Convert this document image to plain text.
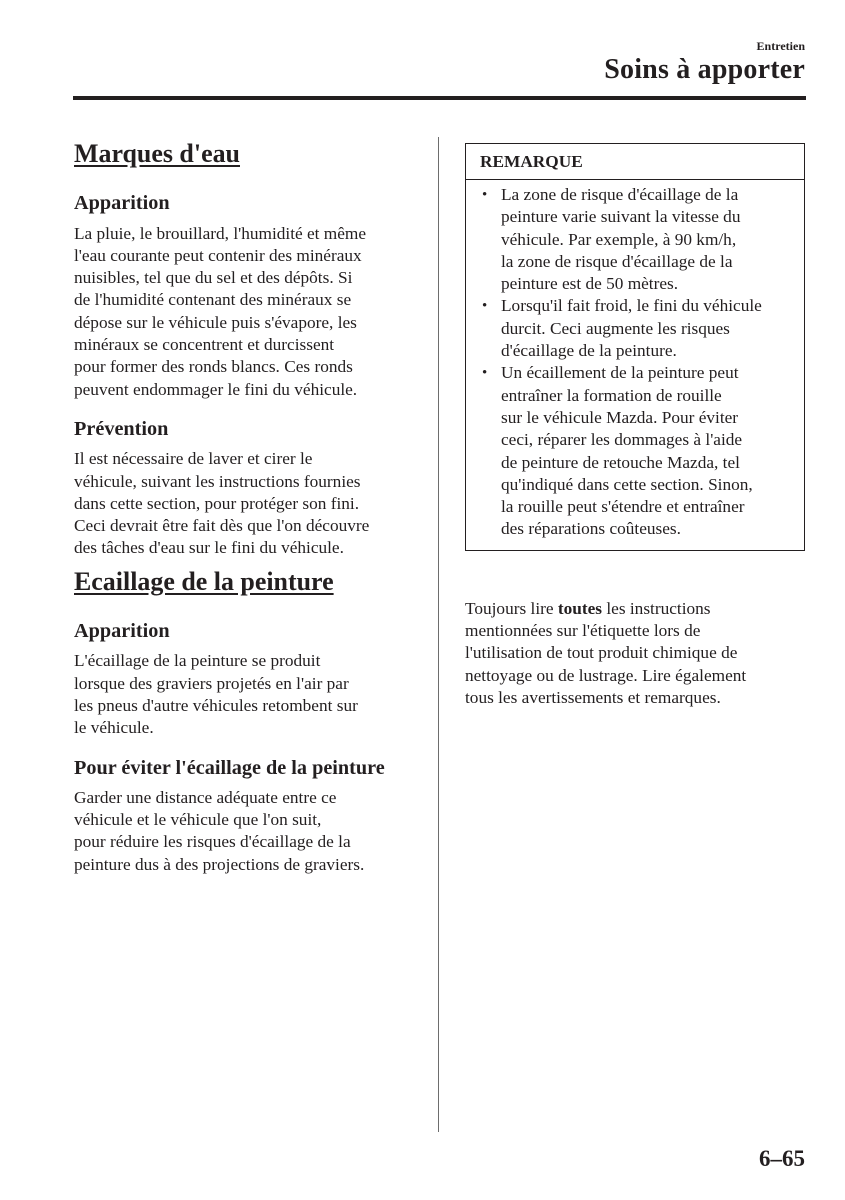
Entretien

Soins à apporter
Marques d'eau
Apparition

La pluie, le brouillard, l'humidité et même
l'eau courante peut contenir des minéraux
nuisibles, tel que du sel et des dépôts. Si
de l'humidité contenant des minéraux se
dépose sur le véhicule puis s'évapore, les
minéraux se concentrent et durcissent
pour former des ronds blancs. Ces ronds
peuvent endommager le fini du véhicule.

Prévention

Il est nécessaire de laver et cirer le
véhicule, suivant les instructions fournies
dans cette section, pour protéger son fini.
Ceci devrait être fait dès que l'on découvre
des tâches d'eau sur le fini du véhicule.

Ecaillage de la peinture
Apparition

L'écaillage de la peinture se produit
lorsque des graviers projetés en l'air par
les pneus d'autre véhicules retombent sur
le véhicule.

Pour éviter l'écaillage de la peinture

Garder une distance adéquate entre ce
véhicule et le véhicule que l'on suit,
pour réduire les risques d'écaillage de la
peinture dus à des projections de graviers.

REMARQUE
• La zone de risque d'écaillage de la
peinture varie suivant la vitesse du
véhicule. Par exemple, à 90 km/h,
la zone de risque d'écaillage de la
peinture est de 50 mètres.
• Lorsqu'il fait froid, le fini du véhicule
durcit. Ceci augmente les risques
d'écaillage de la peinture.
• Un écaillement de la peinture peut
entraîner la formation de rouille
sur le véhicule Mazda. Pour éviter
ceci, réparer les dommages à l'aide
de peinture de retouche Mazda, tel
qu'indiqué dans cette section. Sinon,
la rouille peut s'étendre et entraîner
des réparations coûteuses.

Toujours lire toutes les instructions
mentionnées sur l'étiquette lors de
l'utilisation de tout produit chimique de
nettoyage ou de lustrage. Lire également
tous les avertissements et remarques.

6–65
